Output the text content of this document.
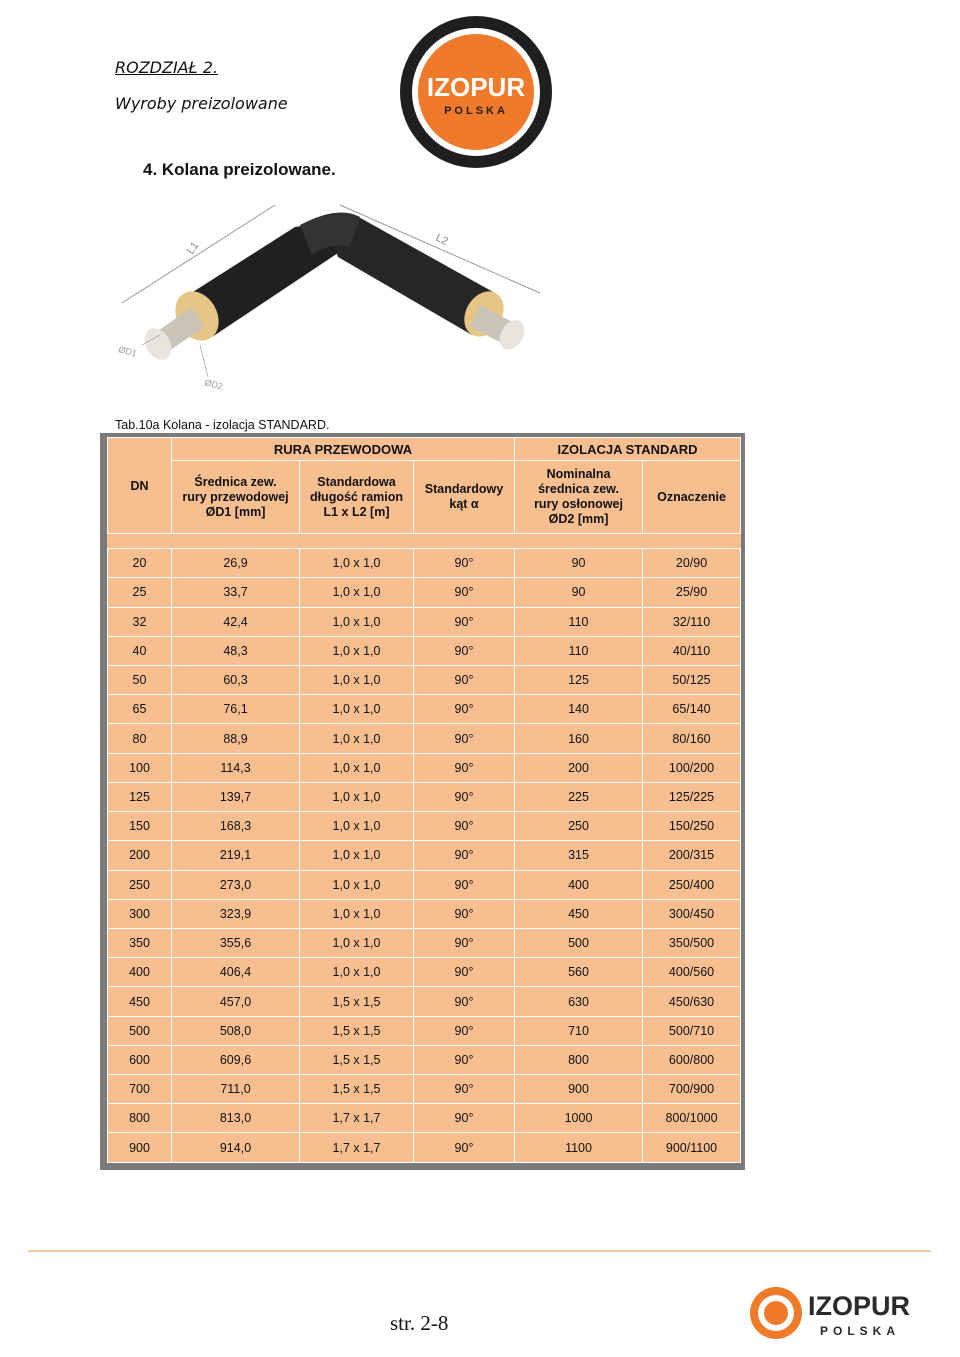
ROZDZIAŁ 2.
Wyroby preizolowane
IZOPUR
POLSKA
4. Kolana preizolowane.
L1	L2
ØD1
ØD2
Tab.10a Kolana - izolacja STANDARD.
DN	RURA PRZEWODOWA			IZOLACJA STANDARD	
	Średnica zew.
rury przewodowej
ØD1 [mm]	Standardowa
długość ramion
L1 x L2 [m]	Standardowy
kąt α	Nominalna
średnica zew.
rury osłonowej
ØD2 [mm]	Oznaczenie

20	26,9	1,0 x 1,0	90°	90	20/90
25	33,7	1,0 x 1,0	90°	90	25/90
32	42,4	1,0 x 1,0	90°	110	32/110
40	48,3	1,0 x 1,0	90°	110	40/110
50	60,3	1,0 x 1,0	90°	125	50/125
65	76,1	1,0 x 1,0	90°	140	65/140
80	88,9	1,0 x 1,0	90°	160	80/160
100	114,3	1,0 x 1,0	90°	200	100/200
125	139,7	1,0 x 1,0	90°	225	125/225
150	168,3	1,0 x 1,0	90°	250	150/250
200	219,1	1,0 x 1,0	90°	315	200/315
250	273,0	1,0 x 1,0	90°	400	250/400
300	323,9	1,0 x 1,0	90°	450	300/450
350	355,6	1,0 x 1,0	90°	500	350/500
400	406,4	1,0 x 1,0	90°	560	400/560
450	457,0	1,5 x 1,5	90°	630	450/630
500	508,0	1,5 x 1,5	90°	710	500/710
600	609,6	1,5 x 1,5	90°	800	600/800
700	711,0	1,5 x 1,5	90°	900	700/900
800	813,0	1,7 x 1,7	90°	1000	800/1000
900	914,0	1,7 x 1,7	90°	1100	900/1100
str. 2-8
IZOPUR
POLSKA
